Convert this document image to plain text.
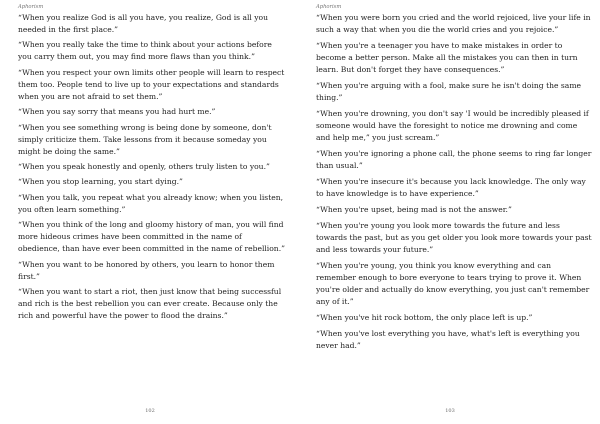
Aphorism

“When you realize God is all you have, you realize, God is all you needed in the first place.”

“When you really take the time to think about your actions before you carry them out, you may find more flaws than you think.”

“When you respect your own limits other people will learn to respect them too. People tend to live up to your expectations and standards when you are not afraid to set them.”

“When you say sorry that means you had hurt me.”

“When you see something wrong is being done by someone, don't simply criticize them. Take lessons from it because someday you might be doing the same.”

“When you speak honestly and openly, others truly listen to you.”

“When you stop learning, you start dying.”

“When you talk, you repeat what you already know; when you listen, you often learn something.”

“When you think of the long and gloomy history of man, you will find more hideous crimes have been committed in the name of obedience, than have ever been committed in the name of rebellion.”

“When you want to be honored by others, you learn to honor them first.”

“When you want to start a riot, then just know that being successful and rich is the best rebellion you can ever create. Because only the rich and powerful have the power to flood the drains.”

102
Aphorism

“When you were born you cried and the world rejoiced, live your life in such a way that when you die the world cries and you rejoice.”

“When you're a teenager you have to make mistakes in order to become a better person. Make all the mistakes you can then in turn learn. But don't forget they have consequences.”

“When you're arguing with a fool, make sure he isn't doing the same thing.”

“When you're drowning, you don't say 'I would be incredibly pleased if someone would have the foresight to notice me drowning and come and help me,” you just scream.”

“When you're ignoring a phone call, the phone seems to ring far longer than usual.”

“When you're insecure it's because you lack knowledge. The only way to have knowledge is to have experience.”

“When you're upset, being mad is not the answer.”

“When you're young you look more towards the future and less towards the past, but as you get older you look more towards your past and less towards your future.”

“When you're young, you think you know everything and can remember enough to bore everyone to tears trying to prove it. When you're older and actually do know everything, you just can't remember any of it.”

“When you've hit rock bottom, the only place left is up.”

“When you've lost everything you have, what's left is everything you never had.”

103
